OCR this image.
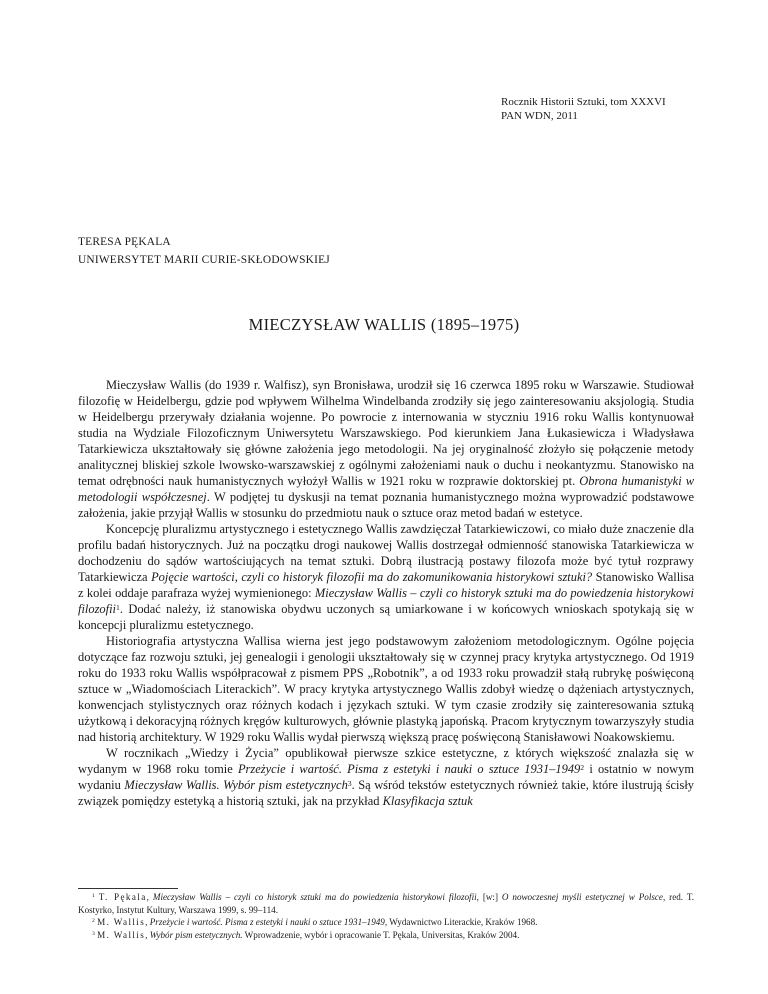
Rocznik Historii Sztuki, tom XXXVI
PAN WDN, 2011
TERESA PĘKALA
UNIWERSYTET MARII CURIE-SKŁODOWSKIEJ
MIECZYSŁAW WALLIS (1895–1975)

Mieczysław Wallis (do 1939 r. Walfisz), syn Bronisława, urodził się 16 czerwca 1895 roku w Warszawie. Studiował filozofię w Heidelbergu, gdzie pod wpływem Wilhelma Windelbanda zrodziły się jego zainteresowaniu aksjologią. Studia w Heidelbergu przerywały działania wojenne. Po powrocie z internowania w styczniu 1916 roku Wallis kontynuował studia na Wydziale Filozoficznym Uniwersytetu Warszawskiego. Pod kierunkiem Jana Łukasiewicza i Władysława Tatarkiewicza ukształtowały się główne założenia jego metodologii. Na jej oryginalność złożyło się połączenie metody analitycznej bliskiej szkole lwowsko-warszawskiej z ogólnymi założeniami nauk o duchu i neokantyzmu. Stanowisko na temat odrębności nauk humanistycznych wyłożył Wallis w 1921 roku w rozprawie doktorskiej pt. Obrona humanistyki w metodologii współczesnej. W podjętej tu dyskusji na temat poznania humanistycznego można wyprowadzić podstawowe założenia, jakie przyjął Wallis w stosunku do przedmiotu nauk o sztuce oraz metod badań w estetyce.

Koncepcję pluralizmu artystycznego i estetycznego Wallis zawdzięczał Tatarkiewiczowi, co miało duże znaczenie dla profilu badań historycznych. Już na początku drogi naukowej Wallis dostrzegał odmienność stanowiska Tatarkiewicza w dochodzeniu do sądów wartościujących na temat sztuki. Dobrą ilustracją postawy filozofa może być tytuł rozprawy Tatarkiewicza Pojęcie wartości, czyli co historyk filozofii ma do zakomunikowania historykowi sztuki? Stanowisko Wallisa z kolei oddaje parafraza wyżej wymienionego: Mieczysław Wallis – czyli co historyk sztuki ma do powiedzenia historykowi filozofii$^1$. Dodać należy, iż stanowiska obydwu uczonych są umiarkowane i w końcowych wnioskach spotykają się w koncepcji pluralizmu estetycznego.

Historiografia artystyczna Wallisa wierna jest jego podstawowym założeniom metodologicznym. Ogólne pojęcia dotyczące faz rozwoju sztuki, jej genealogii i genologii ukształtowały się w czynnej pracy krytyka artystycznego. Od 1919 roku do 1933 roku Wallis współpracował z pismem PPS „Robotnik”, a od 1933 roku prowadził stałą rubrykę poświęconą sztuce w „Wiadomościach Literackich”. W pracy krytyka artystycznego Wallis zdobył wiedzę o dążeniach artystycznych, konwencjach stylistycznych oraz różnych kodach i językach sztuki. W tym czasie zrodziły się zainteresowania sztuką użytkową i dekoracyjną różnych kręgów kulturowych, głównie plastyką japońską. Pracom krytycznym towarzyszyły studia nad historią architektury. W 1929 roku Wallis wydał pierwszą większą pracę poświęconą Stanisławowi Noakowskiemu.

W rocznikach „Wiedzy i Życia” opublikował pierwsze szkice estetyczne, z których większość znalazła się w wydanym w 1968 roku tomie Przeżycie i wartość. Pisma z estetyki i nauki o sztuce 1931–1949$^2$ i ostatnio w nowym wydaniu Mieczysław Wallis. Wybór pism estetycznych$^3$. Są wśród tekstów estetycznych również takie, które ilustrują ścisły związek pomiędzy estetyką a historią sztuki, jak na przykład Klasyfikacja sztuk

$^1$ T. Pękala, Mieczysław Wallis – czyli co historyk sztuki ma do powiedzenia historykowi filozofii, [w:] O nowoczesnej myśli estetycznej w Polsce, red. T. Kostyrko, Instytut Kultury, Warszawa 1999, s. 99–114.

$^2$ M. Wallis, Przeżycie i wartość. Pisma z estetyki i nauki o sztuce 1931–1949, Wydawnictwo Literackie, Kraków 1968.

$^3$ M. Wallis, Wybór pism estetycznych. Wprowadzenie, wybór i opracowanie T. Pękala, Universitas, Kraków 2004.
